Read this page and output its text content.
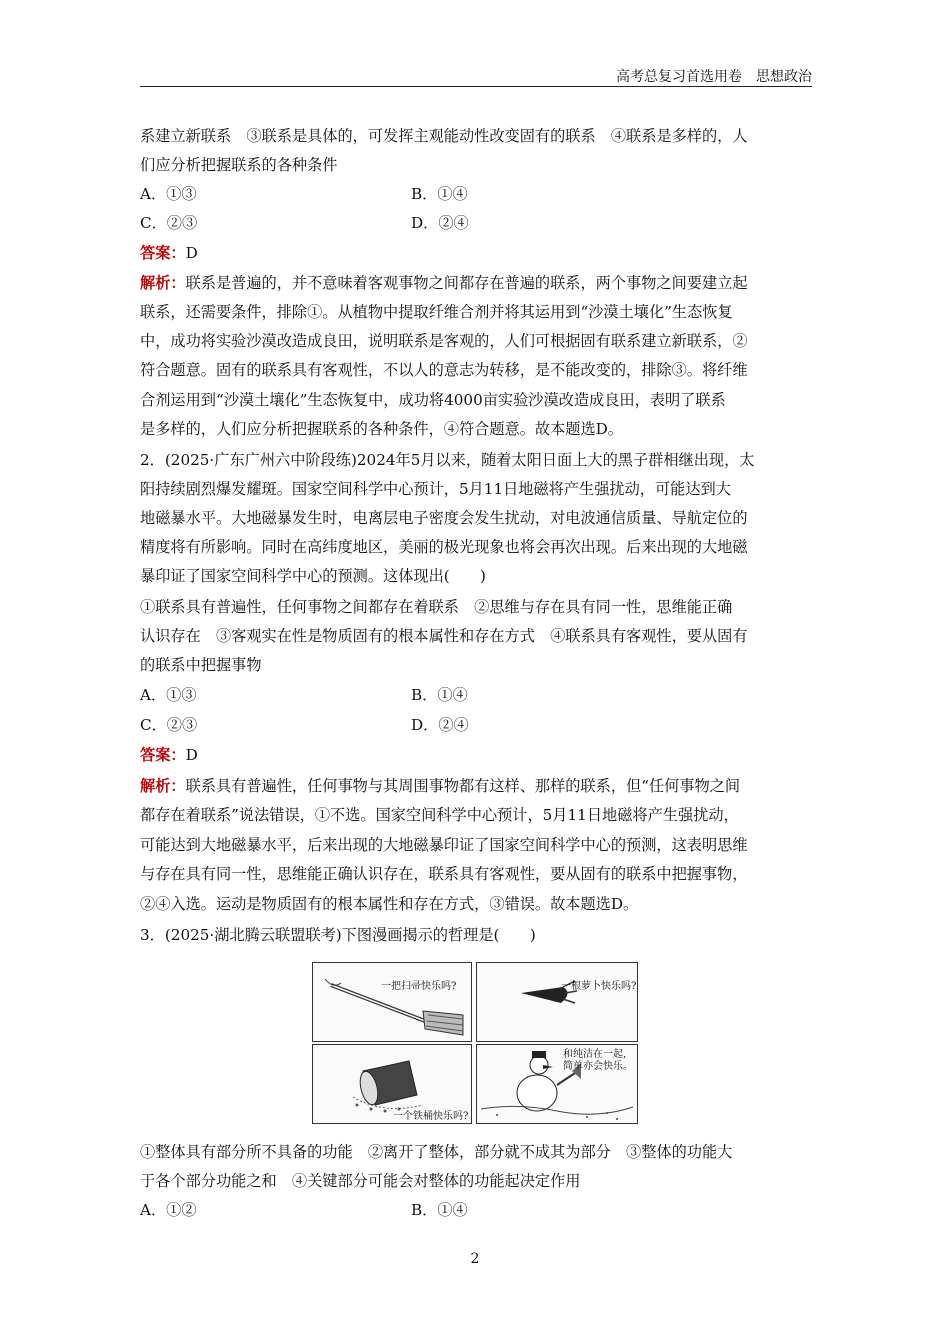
高考总复习首选用卷　思想政治
系建立新联系　③联系是具体的，可发挥主观能动性改变固有的联系　④联系是多样的，人
们应分析把握联系的各种条件
A．①③	B．①④
C．②③	D．②④
答案：D
解析：联系是普遍的，并不意味着客观事物之间都存在普遍的联系，两个事物之间要建立起
联系，还需要条件，排除①。从植物中提取纤维合剂并将其运用到“沙漠土壤化”生态恢复
中，成功将实验沙漠改造成良田，说明联系是客观的，人们可根据固有联系建立新联系，②
符合题意。固有的联系具有客观性，不以人的意志为转移，是不能改变的，排除③。将纤维
合剂运用到“沙漠土壤化”生态恢复中，成功将4000亩实验沙漠改造成良田，表明了联系
是多样的，人们应分析把握联系的各种条件，④符合题意。故本题选D。
2．(2025·广东广州六中阶段练)2024年5月以来，随着太阳日面上大的黑子群相继出现，太
阳持续剧烈爆发耀斑。国家空间科学中心预计，5月11日地磁将产生强扰动，可能达到大
地磁暴水平。大地磁暴发生时，电离层电子密度会发生扰动，对电波通信质量、导航定位的
精度将有所影响。同时在高纬度地区，美丽的极光现象也将会再次出现。后来出现的大地磁
暴印证了国家空间科学中心的预测。这体现出(　　)
①联系具有普遍性，任何事物之间都存在着联系　②思维与存在具有同一性，思维能正确
认识存在　③客观实在性是物质固有的根本属性和存在方式　④联系具有客观性，要从固有
的联系中把握事物
A．①③	B．①④
C．②③	D．②④
答案：D
解析：联系具有普遍性，任何事物与其周围事物都有这样、那样的联系，但“任何事物之间
都存在着联系”说法错误，①不选。国家空间科学中心预计，5月11日地磁将产生强扰动，
可能达到大地磁暴水平，后来出现的大地磁暴印证了国家空间科学中心的预测，这表明思维
与存在具有同一性，思维能正确认识存在，联系具有客观性，要从固有的联系中把握事物，
②④入选。运动是物质固有的根本属性和存在方式，③错误。故本题选D。
3．(2025·湖北腾云联盟联考)下图漫画揭示的哲理是(　　)
一把扫帚快乐吗?	一根萝卜快乐吗?
一个铁桶快乐吗?
和纯洁在一起,
简单亦会快乐。
①整体具有部分所不具备的功能　②离开了整体，部分就不成其为部分　③整体的功能大
于各个部分功能之和　④关键部分可能会对整体的功能起决定作用
A．①②	B．①④
2
